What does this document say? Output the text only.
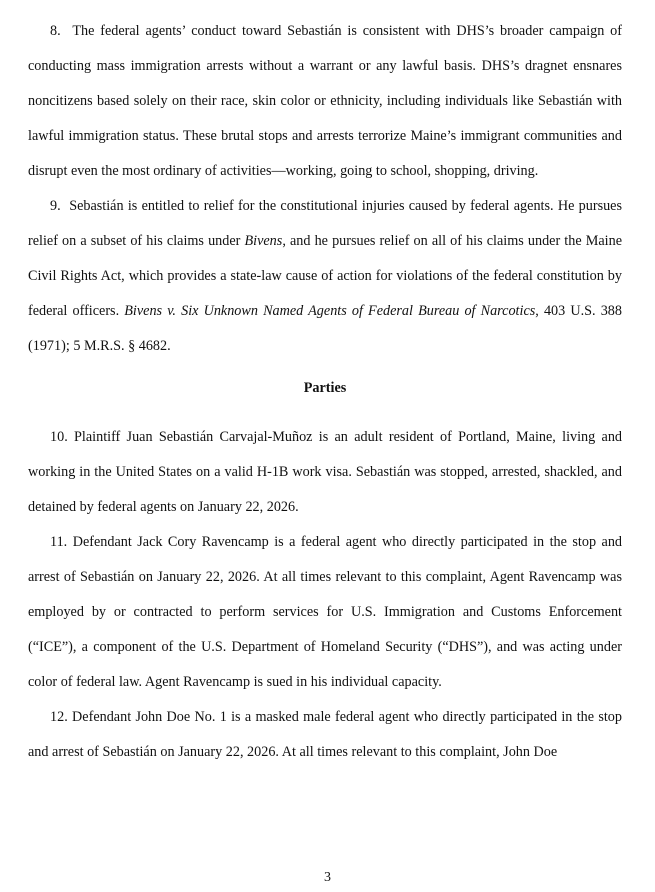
8. The federal agents’ conduct toward Sebastián is consistent with DHS’s broader campaign of conducting mass immigration arrests without a warrant or any lawful basis. DHS’s dragnet ensnares noncitizens based solely on their race, skin color or ethnicity, including individuals like Sebastián with lawful immigration status. These brutal stops and arrests terrorize Maine’s immigrant communities and disrupt even the most ordinary of activities—working, going to school, shopping, driving.

9. Sebastián is entitled to relief for the constitutional injuries caused by federal agents. He pursues relief on a subset of his claims under Bivens, and he pursues relief on all of his claims under the Maine Civil Rights Act, which provides a state-law cause of action for violations of the federal constitution by federal officers. Bivens v. Six Unknown Named Agents of Federal Bureau of Narcotics, 403 U.S. 388 (1971); 5 M.R.S. § 4682.

Parties

10. Plaintiff Juan Sebastián Carvajal-Muñoz is an adult resident of Portland, Maine, living and working in the United States on a valid H-1B work visa. Sebastián was stopped, arrested, shackled, and detained by federal agents on January 22, 2026.

11. Defendant Jack Cory Ravencamp is a federal agent who directly participated in the stop and arrest of Sebastián on January 22, 2026. At all times relevant to this complaint, Agent Ravencamp was employed by or contracted to perform services for U.S. Immigration and Customs Enforcement (“ICE”), a component of the U.S. Department of Homeland Security (“DHS”), and was acting under color of federal law. Agent Ravencamp is sued in his individual capacity.

12. Defendant John Doe No. 1 is a masked male federal agent who directly participated in the stop and arrest of Sebastián on January 22, 2026. At all times relevant to this complaint, John Doe

3
